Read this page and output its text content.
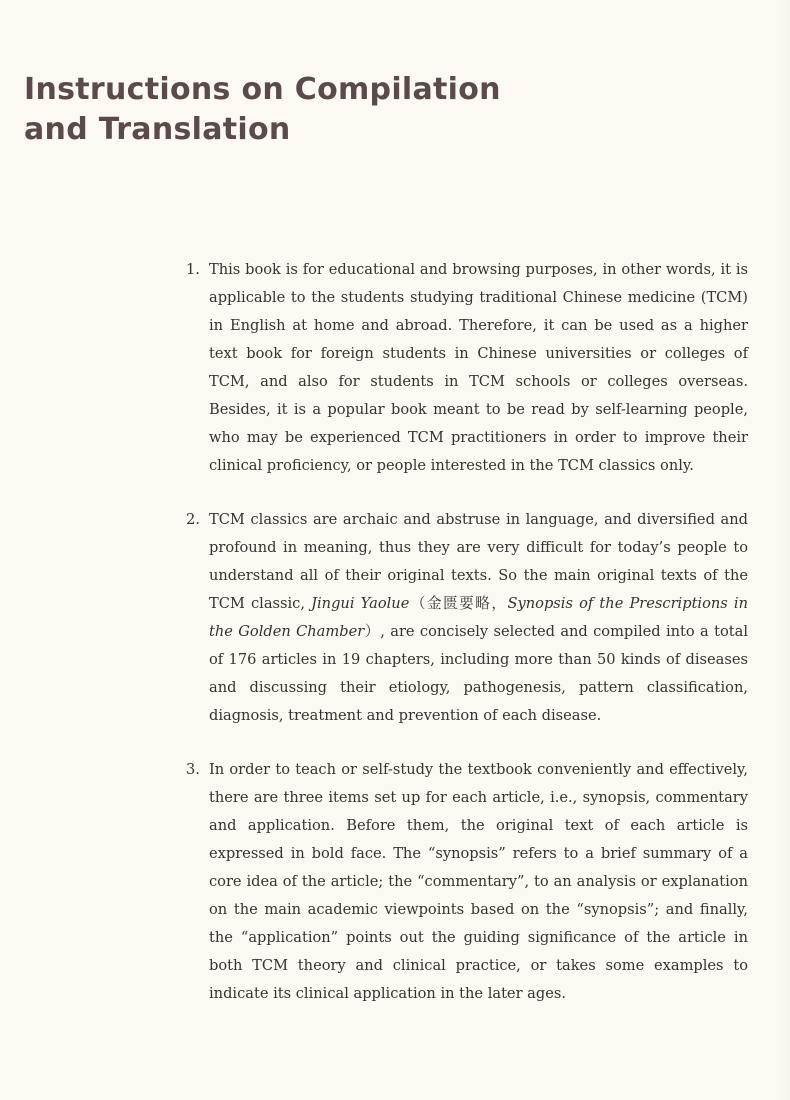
Instructions on Compilation
and Translation
1. This book is for educational and browsing purposes, in other words, it is applicable to the students studying traditional Chinese medicine (TCM) in English at home and abroad. Therefore, it can be used as a higher text book for foreign students in Chinese universities or colleges of TCM, and also for students in TCM schools or colleges overseas. Besides, it is a popular book meant to be read by self-learning people, who may be experienced TCM practitioners in order to improve their clinical proficiency, or people interested in the TCM classics only.
2. TCM classics are archaic and abstruse in language, and diversified and profound in meaning, thus they are very difficult for today’s people to understand all of their original texts. So the main original texts of the TCM classic, Jingui Yaolue（金匮要略，Synopsis of the Prescriptions in the Golden Chamber）, are concisely selected and compiled into a total of 176 articles in 19 chapters, including more than 50 kinds of diseases and discussing their etiology, pathogenesis, pattern classification, diagnosis, treatment and prevention of each disease.
3. In order to teach or self-study the textbook conveniently and effectively, there are three items set up for each article, i.e., synopsis, commentary and application. Before them, the original text of each article is expressed in bold face. The “synopsis” refers to a brief summary of a core idea of the article; the “commentary”, to an analysis or explanation on the main academic viewpoints based on the “synopsis”; and finally, the “application” points out the guiding significance of the article in both TCM theory and clinical practice, or takes some examples to indicate its clinical application in the later ages.
